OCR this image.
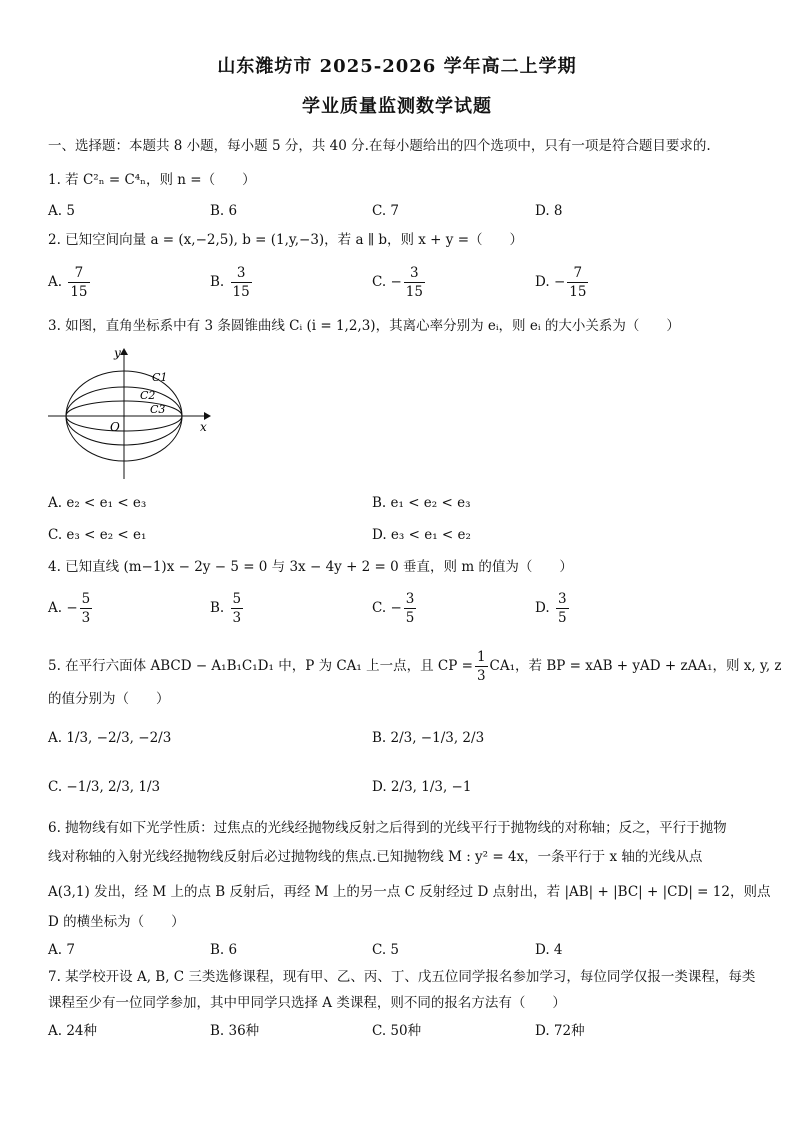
山东潍坊市 2025-2026 学年高二上学期
学业质量监测数学试题
一、选择题：本题共 8 小题，每小题 5 分，共 40 分.在每小题给出的四个选项中，只有一项是符合题目要求的.
1. 若 C²ₙ = C⁴ₙ，则 n =（　　）
A. 5	B. 6	C. 7	D. 8
2. 已知空间向量 a = (x,−2,5), b = (1,y,−3)，若 a ∥ b，则 x + y =（　　）
A. $\frac{7}{15}$	B. $\frac{3}{15}$	C. − $\frac{3}{15}$	D. − $\frac{7}{15}$
3. 如图，直角坐标系中有 3 条圆锥曲线 Cᵢ (i = 1,2,3)，其离心率分别为 eᵢ，则 eᵢ 的大小关系为（　　）
y
x
O
C1
C2
C3
A. e₂ < e₁ < e₃	B. e₁ < e₂ < e₃
C. e₃ < e₂ < e₁	D. e₃ < e₁ < e₂
4. 已知直线 (m−1)x − 2y − 5 = 0 与 3x − 4y + 2 = 0 垂直，则 m 的值为（　　）
A. − $\frac{5}{3}$	B. $\frac{5}{3}$	C. − $\frac{3}{5}$	D. $\frac{3}{5}$
5. 在平行六面体 ABCD − A₁B₁C₁D₁ 中，P 为 CA₁ 上一点，且 CP = $\frac{1}{3} CA_1$，若 BP = xAB + yAD + zAA₁，则 x, y, z
的值分别为（　　）
A. 1/3, −2/3, −2/3	B. 2/3, −1/3, 2/3
C. −1/3, 2/3, 1/3	D. 2/3, 1/3, −1
6. 抛物线有如下光学性质：过焦点的光线经抛物线反射之后得到的光线平行于抛物线的对称轴；反之，平行于抛物
线对称轴的入射光线经抛物线反射后必过抛物线的焦点.已知抛物线 M : y² = 4x，一条平行于 x 轴的光线从点
A(3,1) 发出，经 M 上的点 B 反射后，再经 M 上的另一点 C 反射经过 D 点射出，若 |AB| + |BC| + |CD| = 12，则点
D 的横坐标为（　　）
A. 7	B. 6	C. 5	D. 4
7. 某学校开设 A, B, C 三类选修课程，现有甲、乙、丙、丁、戊五位同学报名参加学习，每位同学仅报一类课程，每类
课程至少有一位同学参加，其中甲同学只选择 A 类课程，则不同的报名方法有（　　）
A. 24种	B. 36种	C. 50种	D. 72种
